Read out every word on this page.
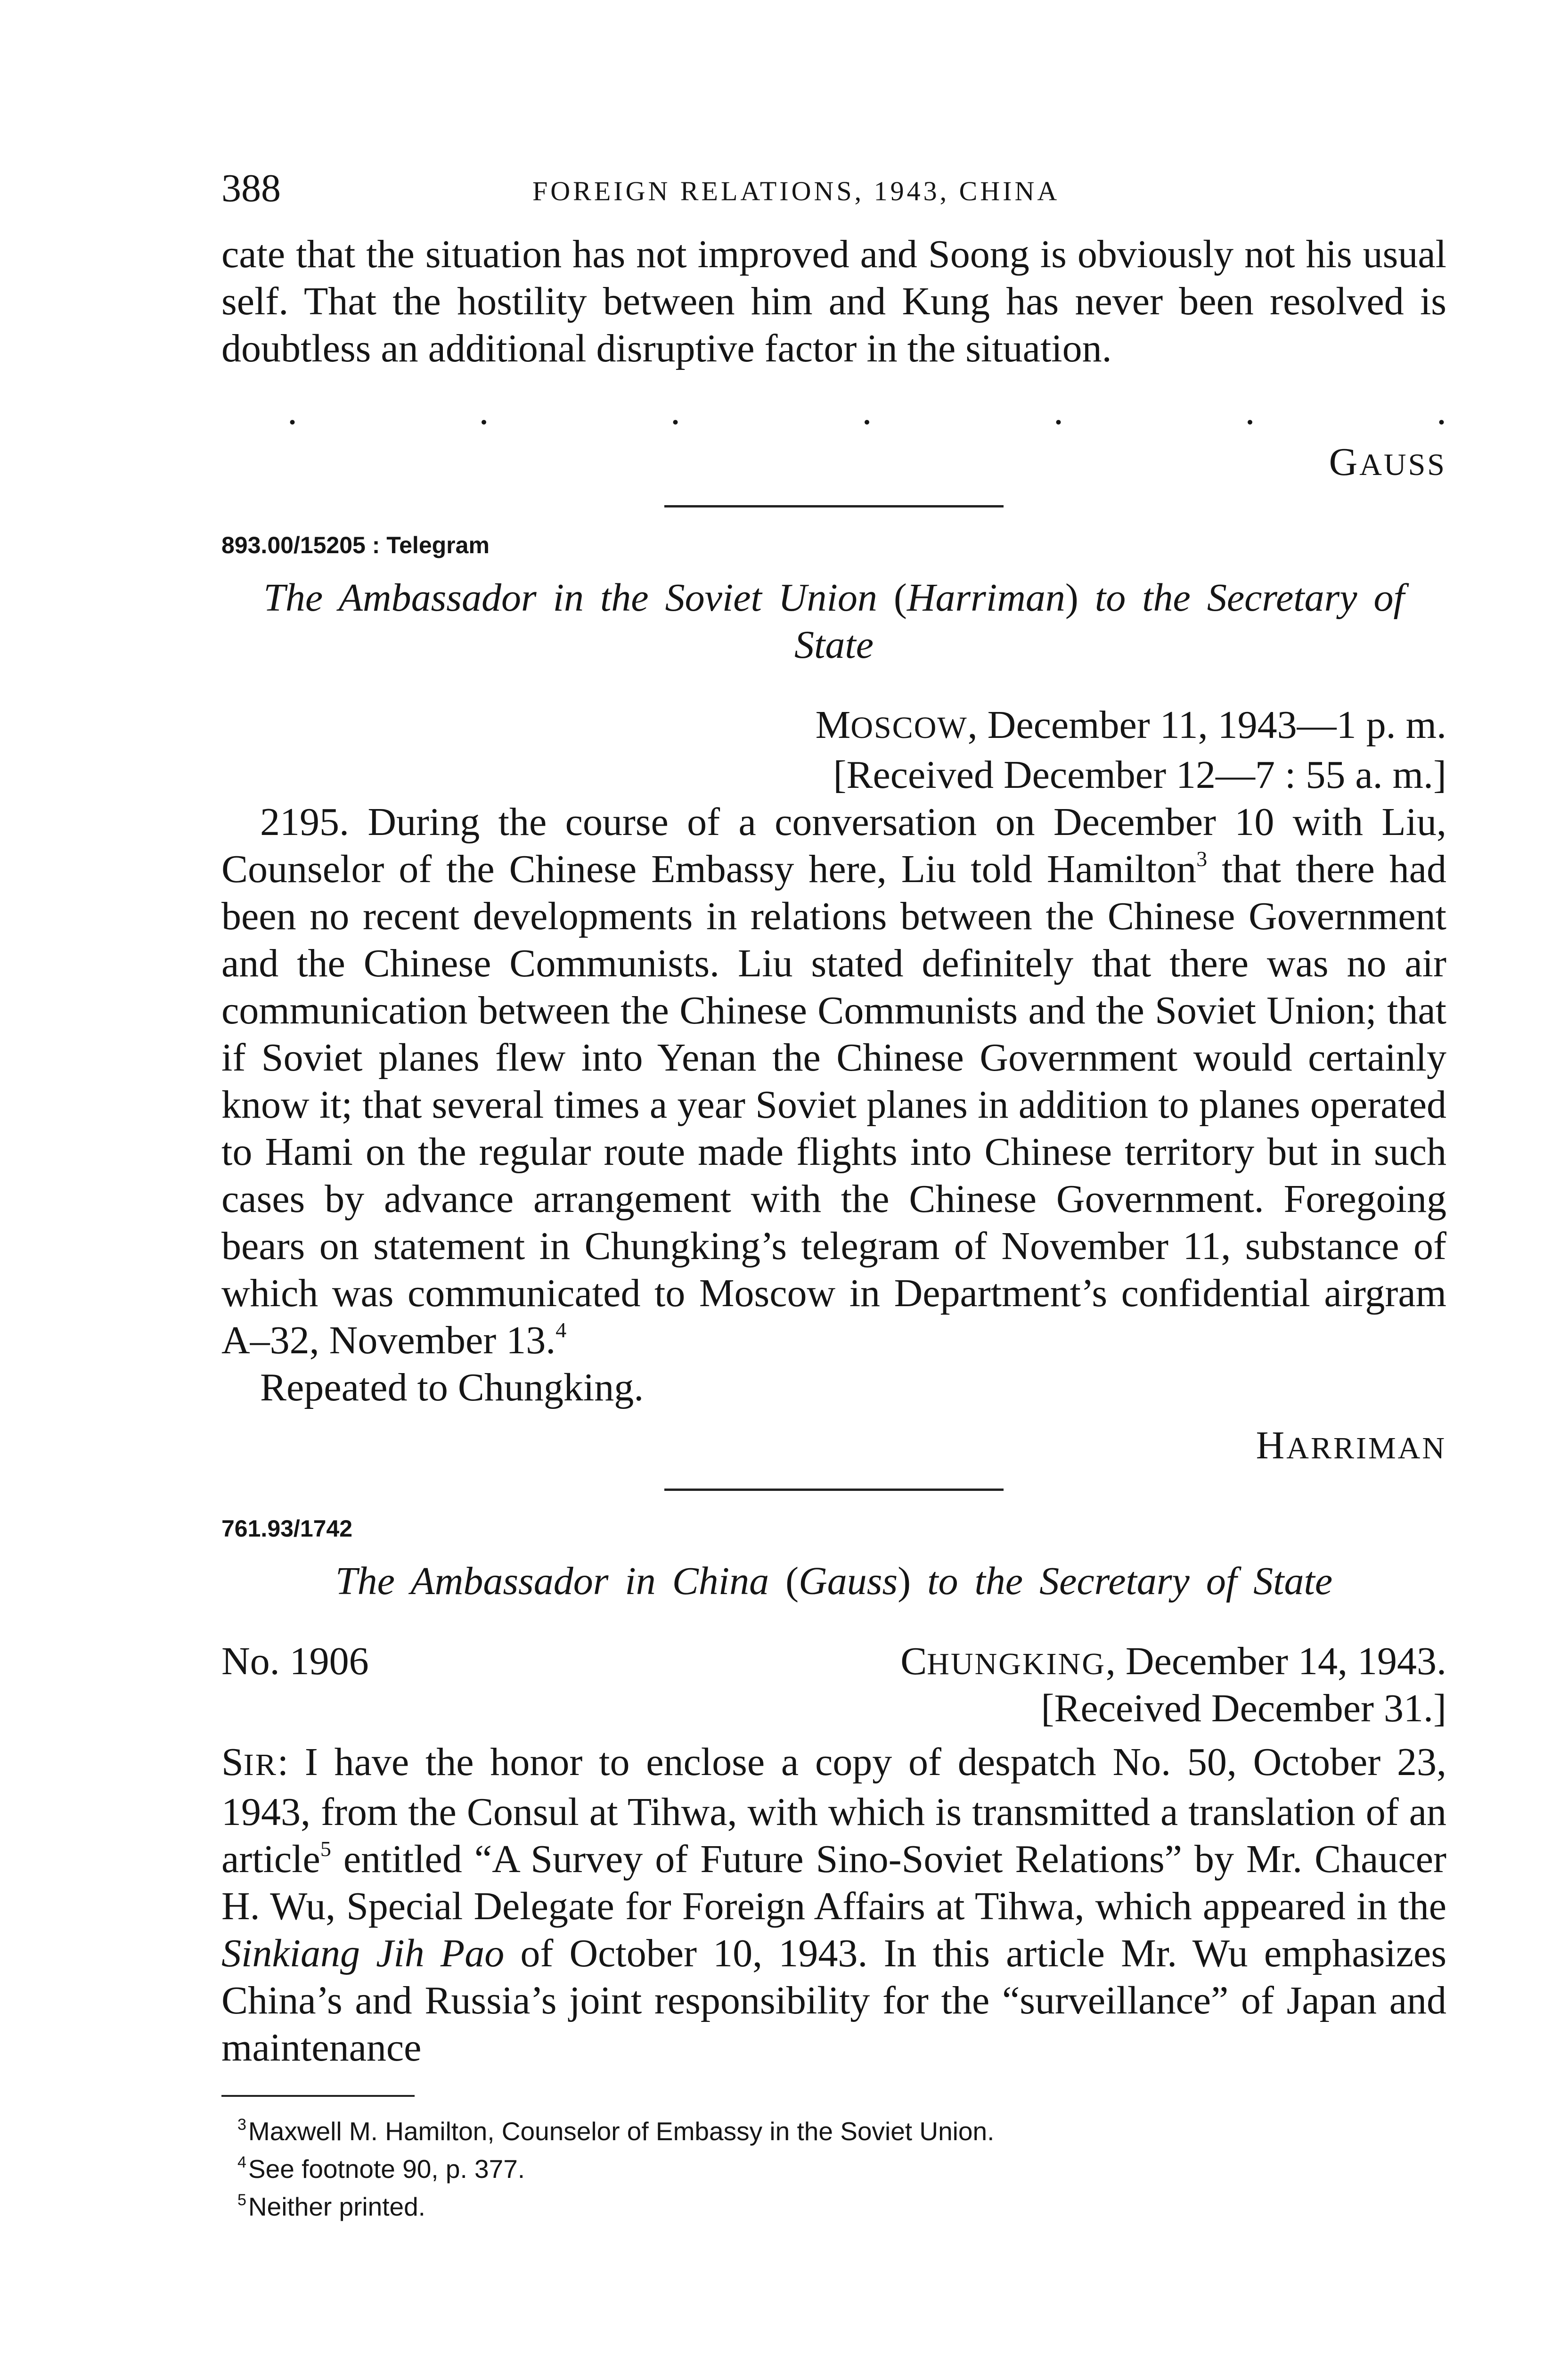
388	FOREIGN RELATIONS, 1943, CHINA

cate that the situation has not improved and Soong is obviously not his usual self. That the hostility between him and Kung has never been resolved is doubtless an additional disruptive factor in the situation.

.	.	.	.	.	.	.
GAUSS
893.00/15205 : Telegram
The Ambassador in the Soviet Union (Harriman) to the Secretary of State
MOSCOW, December 11, 1943—1 p. m.
[Received December 12—7 : 55 a. m.]

2195. During the course of a conversation on December 10 with Liu, Counselor of the Chinese Embassy here, Liu told Hamilton$^3$ that there had been no recent developments in relations between the Chinese Government and the Chinese Communists. Liu stated definitely that there was no air communication between the Chinese Communists and the Soviet Union; that if Soviet planes flew into Yenan the Chinese Government would certainly know it; that several times a year Soviet planes in addition to planes operated to Hami on the regular route made flights into Chinese territory but in such cases by advance arrangement with the Chinese Government. Foregoing bears on statement in Chungking’s telegram of November 11, substance of which was communicated to Moscow in Department’s confidential airgram A–32, November 13.$^4$

Repeated to Chungking.

HARRIMAN
761.93/1742
The Ambassador in China (Gauss) to the Secretary of State
No. 1906	CHUNGKING, December 14, 1943.
[Received December 31.]

SIR: I have the honor to enclose a copy of despatch No. 50, October 23, 1943, from the Consul at Tihwa, with which is transmitted a translation of an article$^5$ entitled “A Survey of Future Sino-Soviet Relations” by Mr. Chaucer H. Wu, Special Delegate for Foreign Affairs at Tihwa, which appeared in the Sinkiang Jih Pao of October 10, 1943. In this article Mr. Wu emphasizes China’s and Russia’s joint responsibility for the “surveillance” of Japan and maintenance

$^3$Maxwell M. Hamilton, Counselor of Embassy in the Soviet Union.
$^4$See footnote 90, p. 377.
$^5$Neither printed.
